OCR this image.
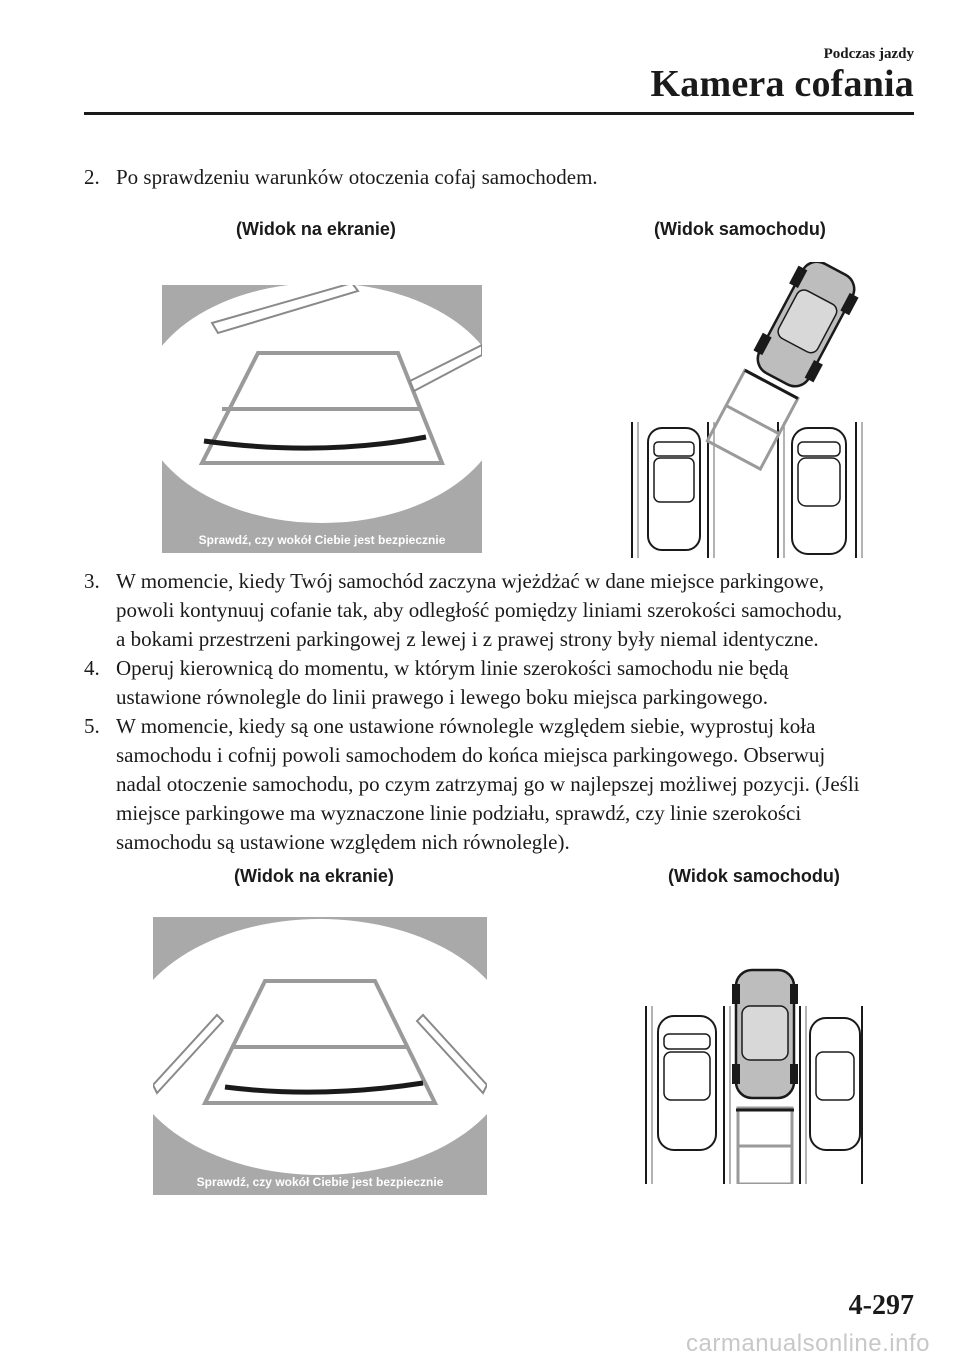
Podczas jazdy
Kamera cofania
2. Po sprawdzeniu warunków otoczenia cofaj samochodem.
(Widok na ekranie)	(Widok samochodu)
Sprawdź, czy wokół Ciebie jest bezpiecznie
3. W momencie, kiedy Twój samochód zaczyna wjeżdżać w dane miejsce parkingowe,
powoli kontynuuj cofanie tak, aby odległość pomiędzy liniami szerokości samochodu,
a bokami przestrzeni parkingowej z lewej i z prawej strony były niemal identyczne.
4. Operuj kierownicą do momentu, w którym linie szerokości samochodu nie będą
ustawione równolegle do linii prawego i lewego boku miejsca parkingowego.
5. W momencie, kiedy są one ustawione równolegle względem siebie, wyprostuj koła
samochodu i cofnij powoli samochodem do końca miejsca parkingowego. Obserwuj
nadal otoczenie samochodu, po czym zatrzymaj go w najlepszej możliwej pozycji. (Jeśli
miejsce parkingowe ma wyznaczone linie podziału, sprawdź, czy linie szerokości
samochodu są ustawione względem nich równolegle).
(Widok na ekranie)	(Widok samochodu)
Sprawdź, czy wokół Ciebie jest bezpiecznie
4-297
carmanualsonline.info
